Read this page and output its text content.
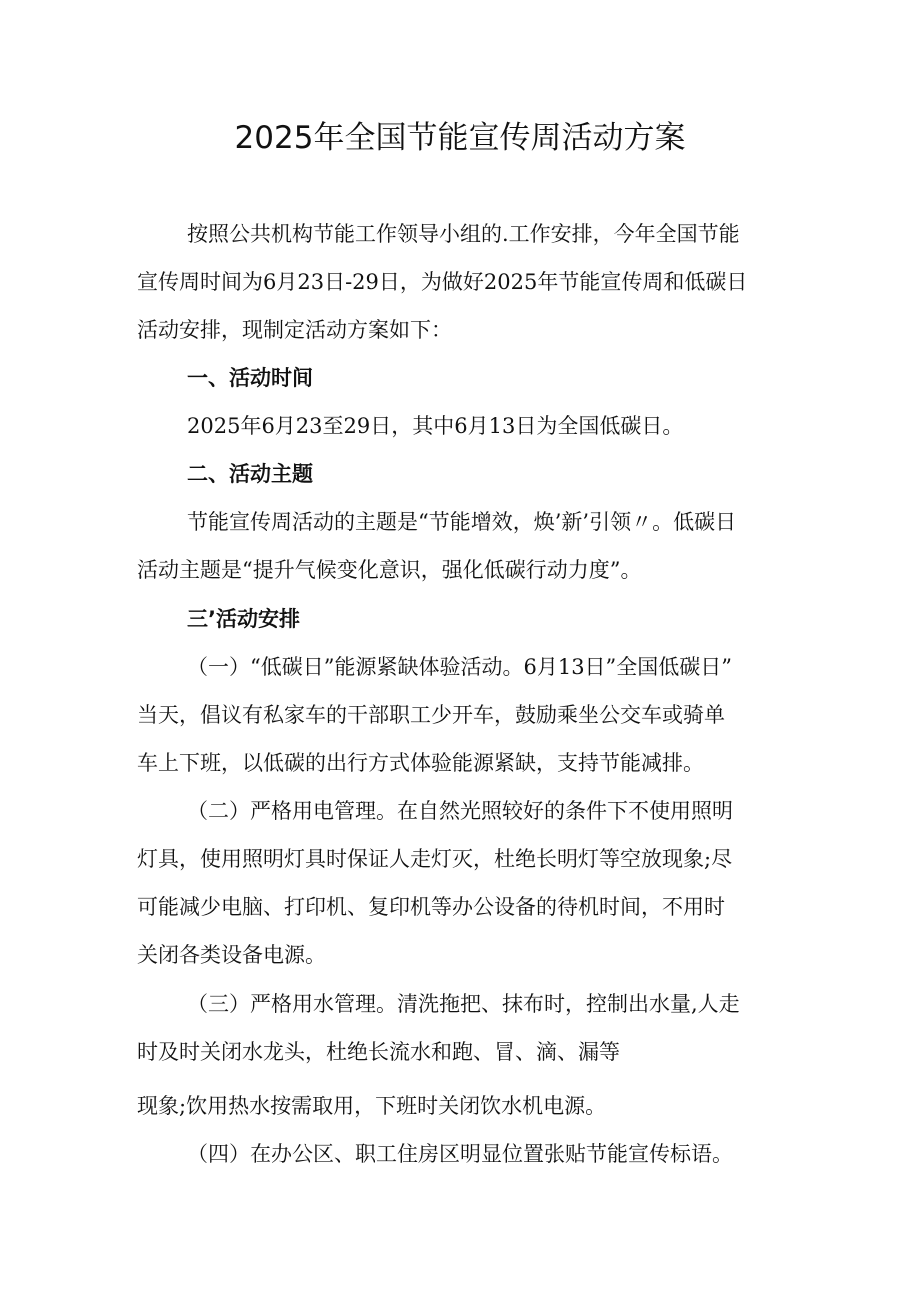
2025年全国节能宣传周活动方案
按照公共机构节能工作领导小组的.工作安排，今年全国节能
宣传周时间为6月23日-29日，为做好2025年节能宣传周和低碳日
活动安排，现制定活动方案如下：
一、活动时间
2025年6月23至29日，其中6月13日为全国低碳日。
二、活动主题
节能宣传周活动的主题是“节能增效，焕’新’引领〃。低碳日
活动主题是“提升气候变化意识，强化低碳行动力度”。
三’活动安排
（一）“低碳日”能源紧缺体验活动。6月13日”全国低碳日”
当天，倡议有私家车的干部职工少开车，鼓励乘坐公交车或骑单
车上下班，以低碳的出行方式体验能源紧缺，支持节能减排。
（二）严格用电管理。在自然光照较好的条件下不使用照明
灯具，使用照明灯具时保证人走灯灭，杜绝长明灯等空放现象;尽
可能减少电脑、打印机、复印机等办公设备的待机时间，不用时
关闭各类设备电源。
（三）严格用水管理。清洗拖把、抹布时，控制出水量,人走
时及时关闭水龙头，杜绝长流水和跑、冒、滴、漏等
现象;饮用热水按需取用，下班时关闭饮水机电源。
（四）在办公区、职工住房区明显位置张贴节能宣传标语。
